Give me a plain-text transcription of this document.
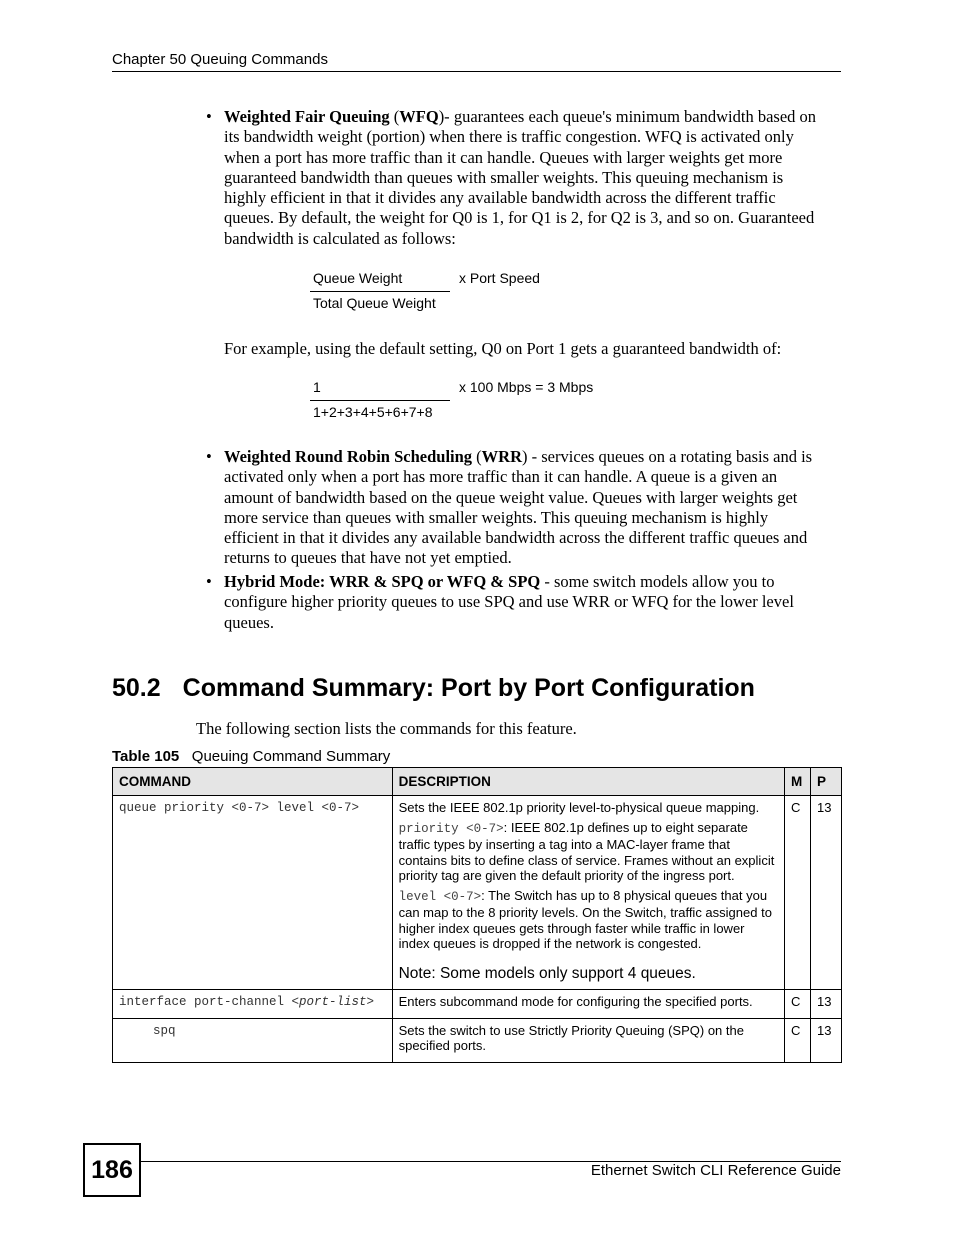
Chapter 50 Queuing Commands
• Weighted Fair Queuing (WFQ)- guarantees each queue's minimum bandwidth based on
its bandwidth weight (portion) when there is traffic congestion. WFQ is activated only
when a port has more traffic than it can handle. Queues with larger weights get more
guaranteed bandwidth than queues with smaller weights. This queuing mechanism is
highly efficient in that it divides any available bandwidth across the different traffic
queues. By default, the weight for Q0 is 1, for Q1 is 2, for Q2 is 3, and so on. Guaranteed
bandwidth is calculated as follows:
Queue Weight
Total Queue Weight
x Port Speed
For example, using the default setting, Q0 on Port 1 gets a guaranteed bandwidth of:
1
1+2+3+4+5+6+7+8
x 100 Mbps = 3 Mbps
• Weighted Round Robin Scheduling (WRR) - services queues on a rotating basis and is
activated only when a port has more traffic than it can handle. A queue is a given an
amount of bandwidth based on the queue weight value. Queues with larger weights get
more service than queues with smaller weights. This queuing mechanism is highly
efficient in that it divides any available bandwidth across the different traffic queues and
returns to queues that have not yet emptied.
• Hybrid Mode: WRR & SPQ or WFQ & SPQ - some switch models allow you to
configure higher priority queues to use SPQ and use WRR or WFQ for the lower level
queues.
50.2 Command Summary: Port by Port Configuration
The following section lists the commands for this feature.
Table 105 Queuing Command Summary
COMMAND	DESCRIPTION	M	P
queue priority <0-7> level <0-7>	Sets the IEEE 802.1p priority level-to-physical queue mapping.

priority <0-7>: IEEE 802.1p defines up to eight separate traffic types by inserting a tag into a MAC-layer frame that contains bits to define class of service. Frames without an explicit priority tag are given the default priority of the ingress port.

level <0-7>: The Switch has up to 8 physical queues that you can map to the 8 priority levels. On the Switch, traffic assigned to higher index queues gets through faster while traffic in lower index queues is dropped if the network is congested.

Note: Some models only support 4 queues.	C	13
interface port-channel <port-list>	Enters subcommand mode for configuring the specified ports.	C	13
spq	Sets the switch to use Strictly Priority Queuing (SPQ) on the specified ports.	C	13
186	Ethernet Switch CLI Reference Guide
